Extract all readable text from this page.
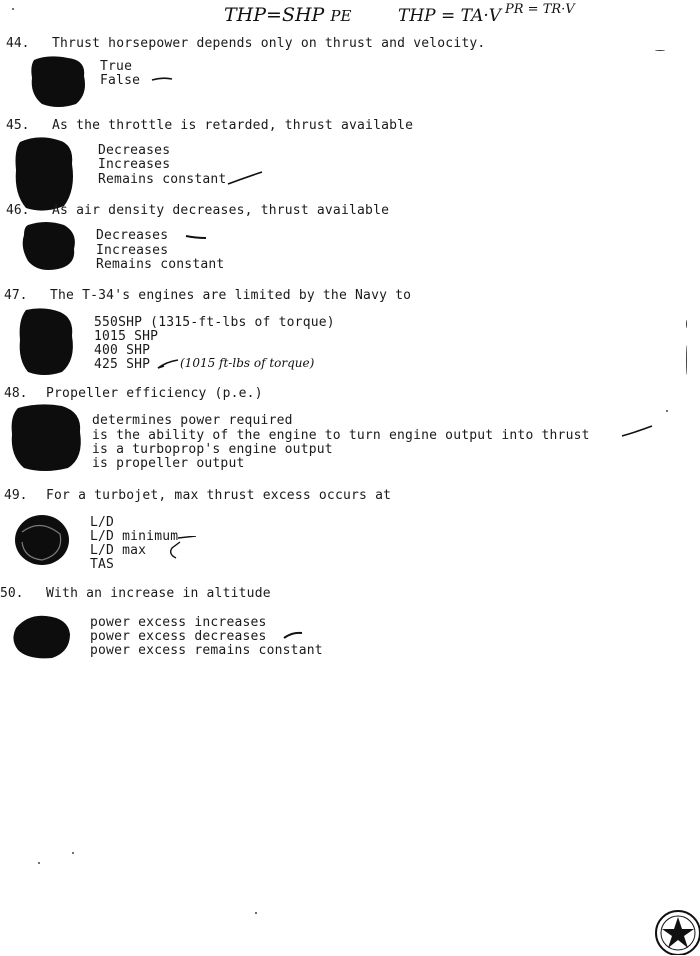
THP=SHP PE	THP = TA·V PR = TR·V
44. Thrust horsepower depends only on thrust and velocity.
True
False
45. As the throttle is retarded, thrust available
Decreases
Increases
Remains constant
46. As air density decreases, thrust available
Decreases
Increases
Remains constant
47. The T-34's engines are limited by the Navy to
550SHP (1315-ft-lbs of torque)
1015 SHP
400 SHP
425 SHP (1015 ft-lbs of torque)
48. Propeller efficiency (p.e.)
determines power required
is the ability of the engine to turn engine output into thrust
is a turboprop's engine output
is propeller output
49. For a turbojet, max thrust excess occurs at
L/D
L/D minimum
L/D max
TAS
50. With an increase in altitude
power excess increases
power excess decreases
power excess remains constant
